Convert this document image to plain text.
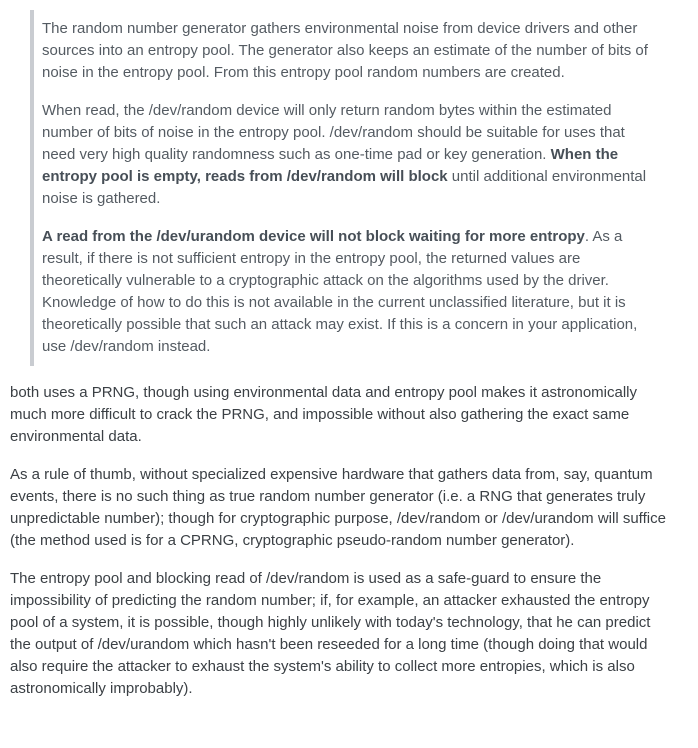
The random number generator gathers environmental noise from device drivers and other sources into an entropy pool. The generator also keeps an estimate of the number of bits of noise in the entropy pool. From this entropy pool random numbers are created.

When read, the /dev/random device will only return random bytes within the estimated number of bits of noise in the entropy pool. /dev/random should be suitable for uses that need very high quality randomness such as one-time pad or key generation. When the entropy pool is empty, reads from /dev/random will block until additional environmental noise is gathered.

A read from the /dev/urandom device will not block waiting for more entropy. As a result, if there is not sufficient entropy in the entropy pool, the returned values are theoretically vulnerable to a cryptographic attack on the algorithms used by the driver. Knowledge of how to do this is not available in the current unclassified literature, but it is theoretically possible that such an attack may exist. If this is a concern in your application, use /dev/random instead.

both uses a PRNG, though using environmental data and entropy pool makes it astronomically much more difficult to crack the PRNG, and impossible without also gathering the exact same environmental data.

As a rule of thumb, without specialized expensive hardware that gathers data from, say, quantum events, there is no such thing as true random number generator (i.e. a RNG that generates truly unpredictable number); though for cryptographic purpose, /dev/random or /dev/urandom will suffice (the method used is for a CPRNG, cryptographic pseudo-random number generator).

The entropy pool and blocking read of /dev/random is used as a safe-guard to ensure the impossibility of predicting the random number; if, for example, an attacker exhausted the entropy pool of a system, it is possible, though highly unlikely with today's technology, that he can predict the output of /dev/urandom which hasn't been reseeded for a long time (though doing that would also require the attacker to exhaust the system's ability to collect more entropies, which is also astronomically improbably).
